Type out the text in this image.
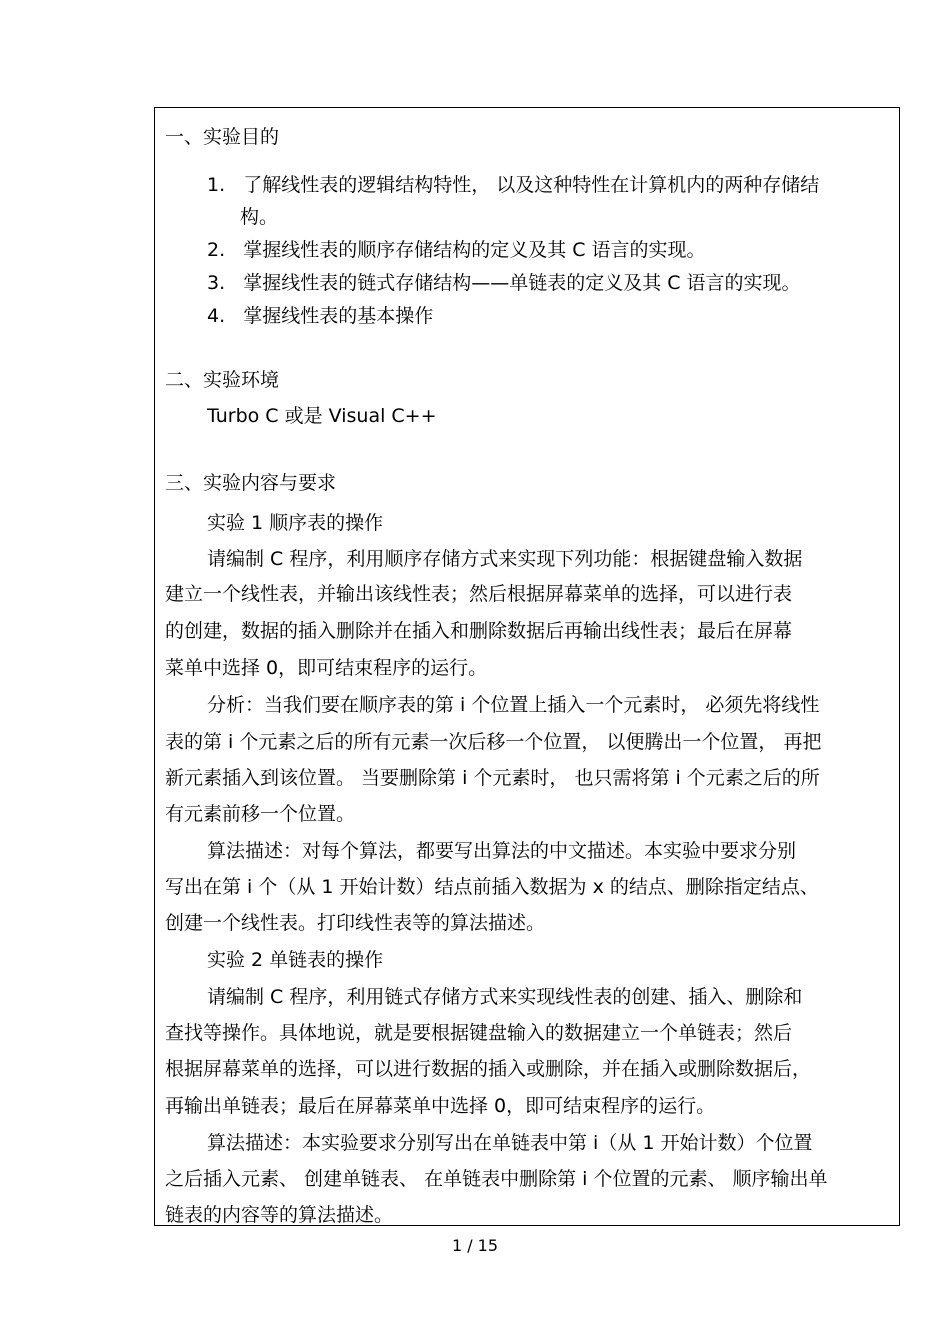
一、实验目的
1. 了解线性表的逻辑结构特性， 以及这种特性在计算机内的两种存储结
构。
2. 掌握线性表的顺序存储结构的定义及其 C 语言的实现。
3. 掌握线性表的链式存储结构——单链表的定义及其 C 语言的实现。
4. 掌握线性表的基本操作
二、实验环境
Turbo C 或是 Visual C++
三、实验内容与要求
实验 1 顺序表的操作
请编制 C 程序，利用顺序存储方式来实现下列功能：根据键盘输入数据
建立一个线性表，并输出该线性表；然后根据屏幕菜单的选择，可以进行表
的创建，数据的插入删除并在插入和删除数据后再输出线性表；最后在屏幕
菜单中选择 0，即可结束程序的运行。
分析：当我们要在顺序表的第 i 个位置上插入一个元素时， 必须先将线性
表的第 i 个元素之后的所有元素一次后移一个位置， 以便腾出一个位置， 再把
新元素插入到该位置。 当要删除第 i 个元素时， 也只需将第 i 个元素之后的所
有元素前移一个位置。
算法描述：对每个算法，都要写出算法的中文描述。本实验中要求分别
写出在第 i 个（从 1 开始计数）结点前插入数据为 x 的结点、删除指定结点、
创建一个线性表。打印线性表等的算法描述。
实验 2 单链表的操作
请编制 C 程序，利用链式存储方式来实现线性表的创建、插入、删除和
查找等操作。具体地说，就是要根据键盘输入的数据建立一个单链表；然后
根据屏幕菜单的选择，可以进行数据的插入或删除，并在插入或删除数据后，
再输出单链表；最后在屏幕菜单中选择 0，即可结束程序的运行。
算法描述：本实验要求分别写出在单链表中第 i（从 1 开始计数）个位置
之后插入元素、 创建单链表、 在单链表中删除第 i 个位置的元素、 顺序输出单
链表的内容等的算法描述。
1 / 15
